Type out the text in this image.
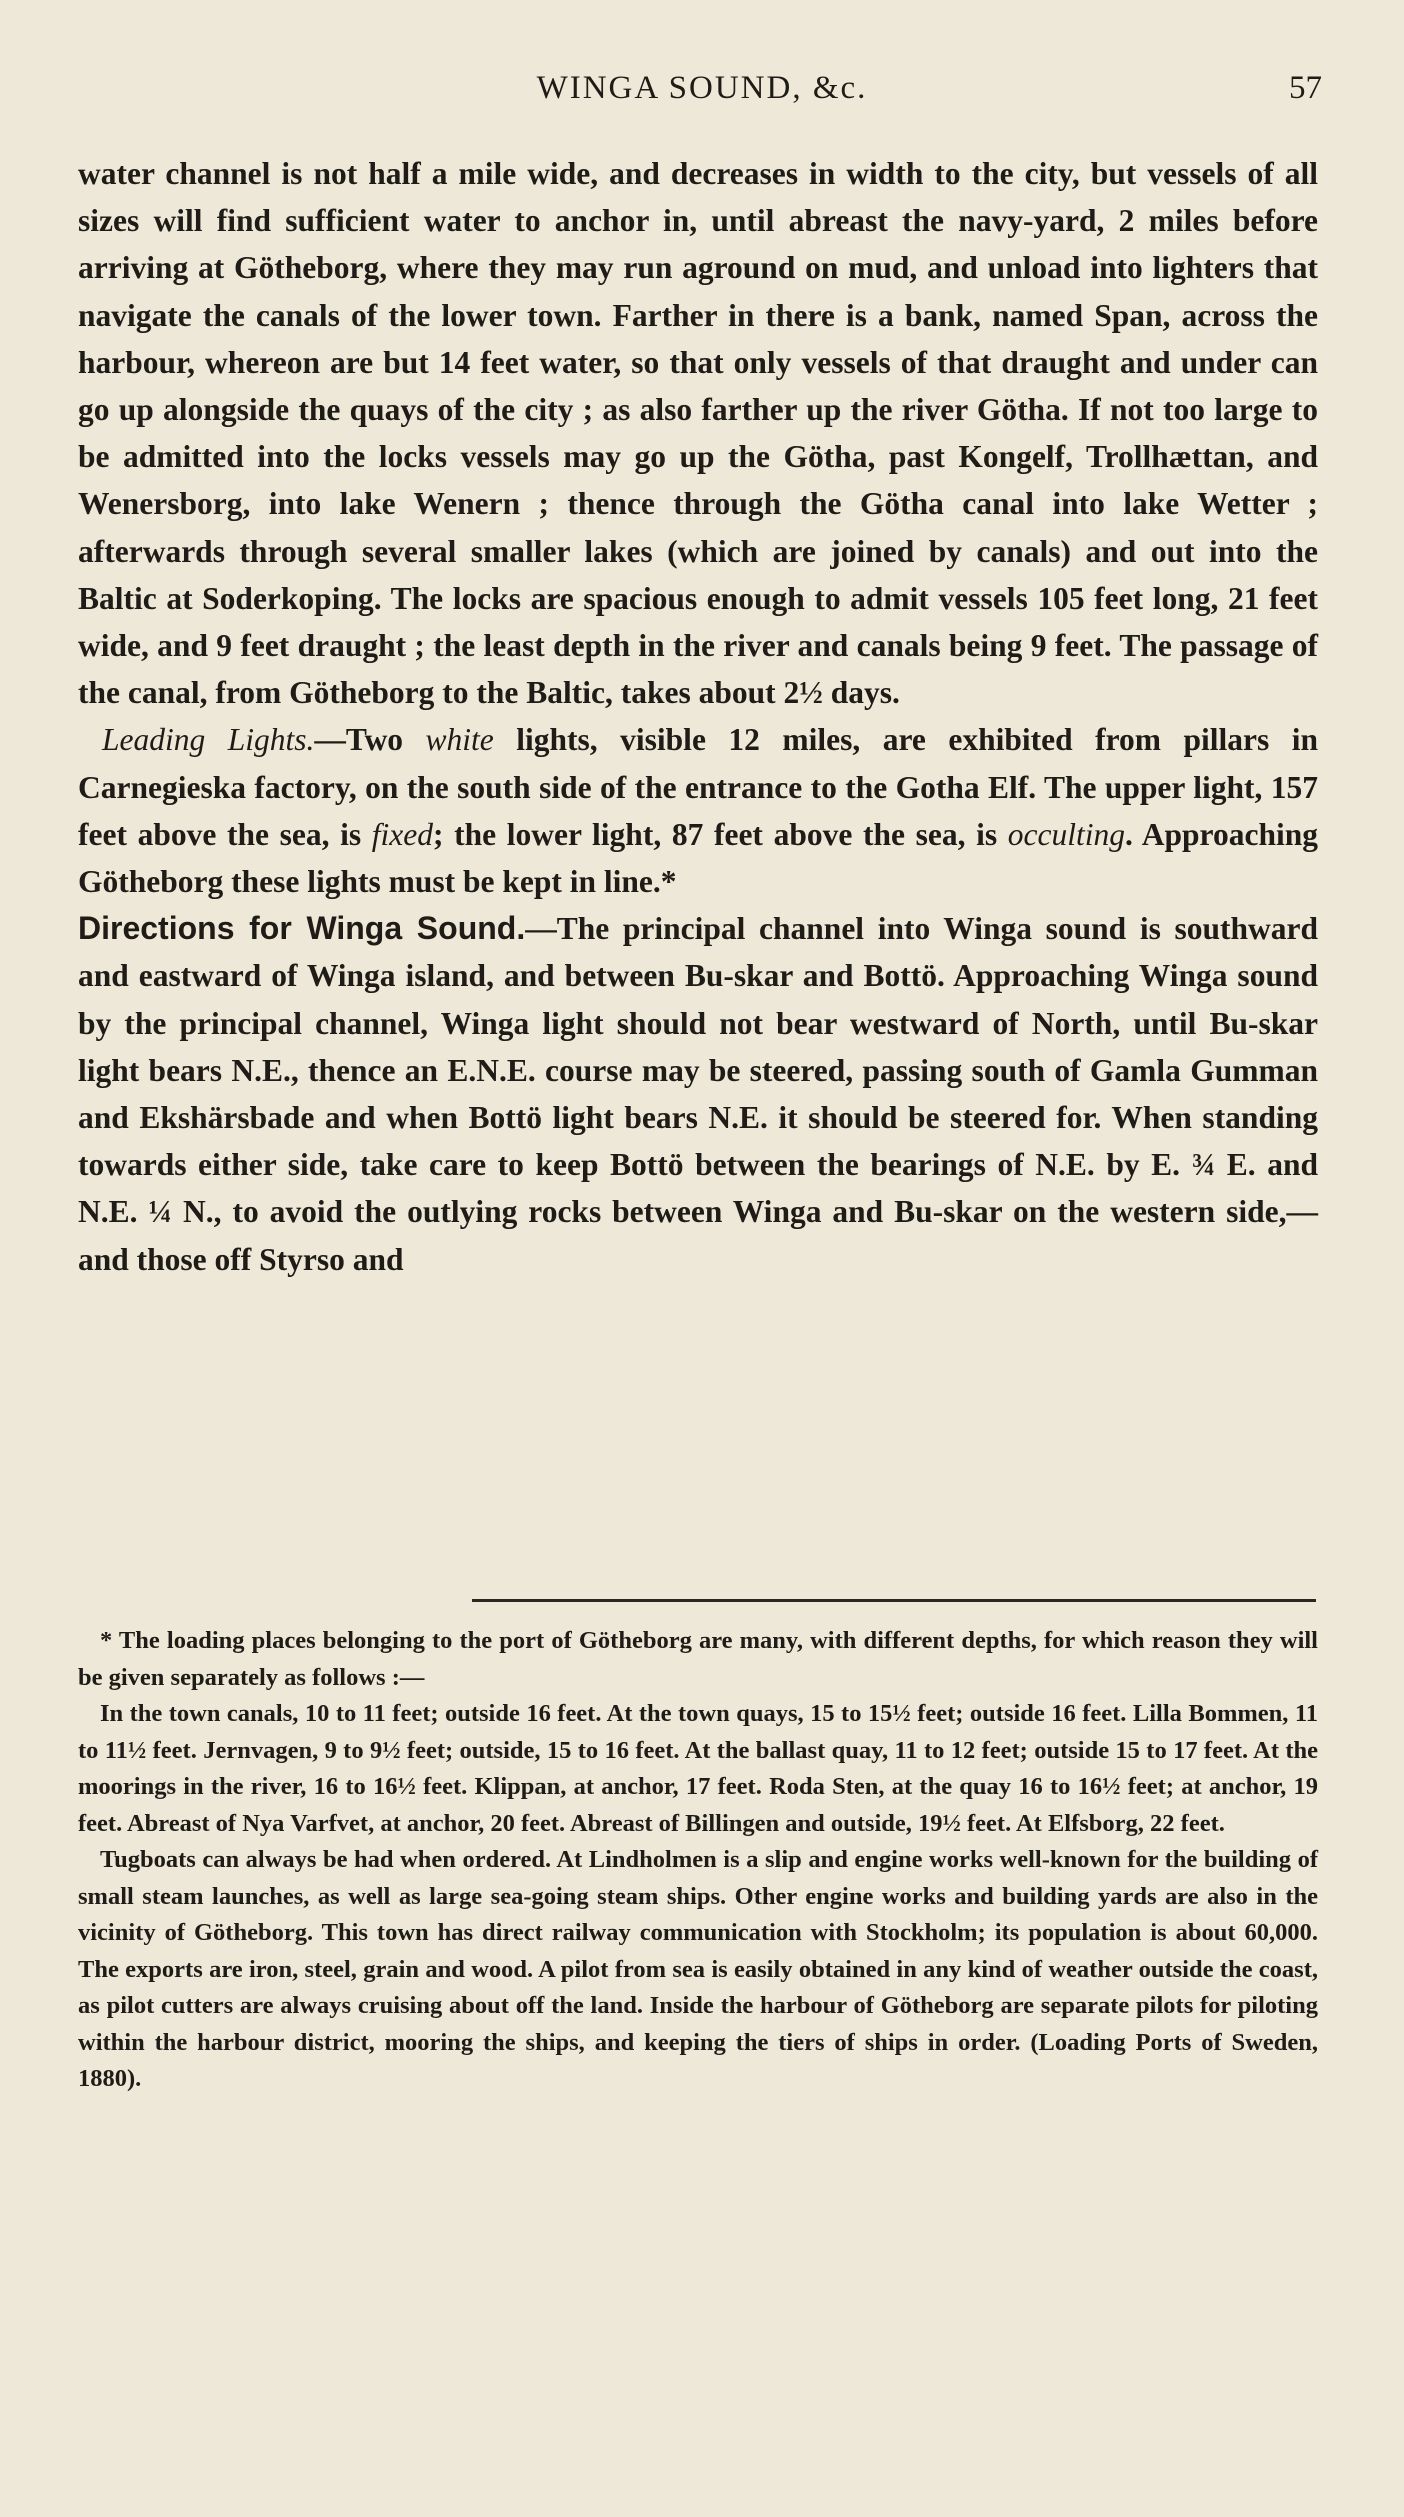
WINGA SOUND, &c.	57

water channel is not half a mile wide, and decreases in width to the city, but vessels of all sizes will find sufficient water to anchor in, until abreast the navy-yard, 2 miles before arriving at Götheborg, where they may run aground on mud, and unload into lighters that navigate the canals of the lower town. Farther in there is a bank, named Span, across the harbour, whereon are but 14 feet water, so that only vessels of that draught and under can go up alongside the quays of the city ; as also farther up the river Götha. If not too large to be admitted into the locks vessels may go up the Götha, past Kongelf, Trollhættan, and Wenersborg, into lake Wenern ; thence through the Götha canal into lake Wetter ; afterwards through several smaller lakes (which are joined by canals) and out into the Baltic at Soderkoping. The locks are spacious enough to admit vessels 105 feet long, 21 feet wide, and 9 feet draught ; the least depth in the river and canals being 9 feet. The passage of the canal, from Götheborg to the Baltic, takes about 2½ days.

Leading Lights.—Two white lights, visible 12 miles, are exhibited from pillars in Carnegieska factory, on the south side of the entrance to the Gotha Elf. The upper light, 157 feet above the sea, is fixed; the lower light, 87 feet above the sea, is occulting. Approaching Götheborg these lights must be kept in line.*

Directions for Winga Sound.—The principal channel into Winga sound is southward and eastward of Winga island, and between Bu-skar and Bottö. Approaching Winga sound by the principal channel, Winga light should not bear westward of North, until Bu-skar light bears N.E., thence an E.N.E. course may be steered, passing south of Gamla Gumman and Ekshärsbade and when Bottö light bears N.E. it should be steered for. When standing towards either side, take care to keep Bottö between the bearings of N.E. by E. ¾ E. and N.E. ¼ N., to avoid the outlying rocks between Winga and Bu-skar on the western side,—and those off Styrso and

* The loading places belonging to the port of Götheborg are many, with different depths, for which reason they will be given separately as follows :—

In the town canals, 10 to 11 feet; outside 16 feet. At the town quays, 15 to 15½ feet; outside 16 feet. Lilla Bommen, 11 to 11½ feet. Jernvagen, 9 to 9½ feet; outside, 15 to 16 feet. At the ballast quay, 11 to 12 feet; outside 15 to 17 feet. At the moorings in the river, 16 to 16½ feet. Klippan, at anchor, 17 feet. Roda Sten, at the quay 16 to 16½ feet; at anchor, 19 feet. Abreast of Nya Varfvet, at anchor, 20 feet. Abreast of Billingen and outside, 19½ feet. At Elfsborg, 22 feet.

Tugboats can always be had when ordered. At Lindholmen is a slip and engine works well-known for the building of small steam launches, as well as large sea-going steam ships. Other engine works and building yards are also in the vicinity of Götheborg. This town has direct railway communication with Stockholm; its population is about 60,000. The exports are iron, steel, grain and wood. A pilot from sea is easily obtained in any kind of weather outside the coast, as pilot cutters are always cruising about off the land. Inside the harbour of Götheborg are separate pilots for piloting within the harbour district, mooring the ships, and keeping the tiers of ships in order. (Loading Ports of Sweden, 1880).
